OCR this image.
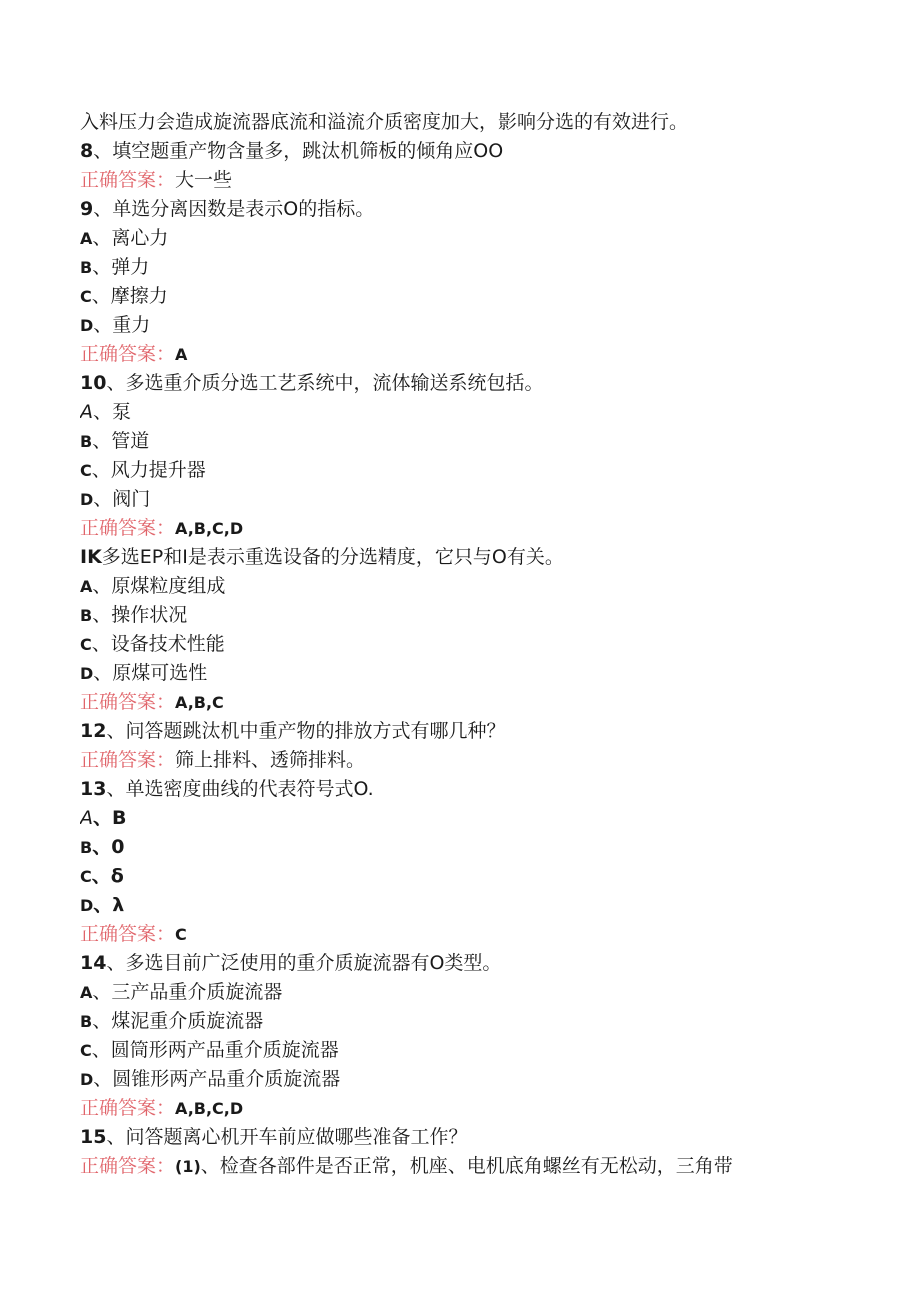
入料压力会造成旋流器底流和溢流介质密度加大，影响分选的有效进行。
8、填空题重产物含量多，跳汰机筛板的倾角应OO
正确答案：大一些
9、单选分离因数是表示O的指标。
A、离心力
B、弹力
C、摩擦力
D、重力
正确答案：A
10、多选重介质分选工艺系统中，流体输送系统包括。
A、泵
B、管道
C、风力提升器
D、阀门
正确答案：A,B,C,D
IK多选EP和I是表示重选设备的分选精度，它只与O有关。
A、原煤粒度组成
B、操作状况
C、设备技术性能
D、原煤可选性
正确答案：A,B,C
12、问答题跳汰机中重产物的排放方式有哪几种？
正确答案：筛上排料、透筛排料。
13、单选密度曲线的代表符号式O.
A、B
B、0
C、δ
D、λ
正确答案：C
14、多选目前广泛使用的重介质旋流器有O类型。
A、三产品重介质旋流器
B、煤泥重介质旋流器
C、圆筒形两产品重介质旋流器
D、圆锥形两产品重介质旋流器
正确答案：A,B,C,D
15、问答题离心机开车前应做哪些准备工作？
正确答案：(1)、检查各部件是否正常，机座、电机底角螺丝有无松动，三角带
